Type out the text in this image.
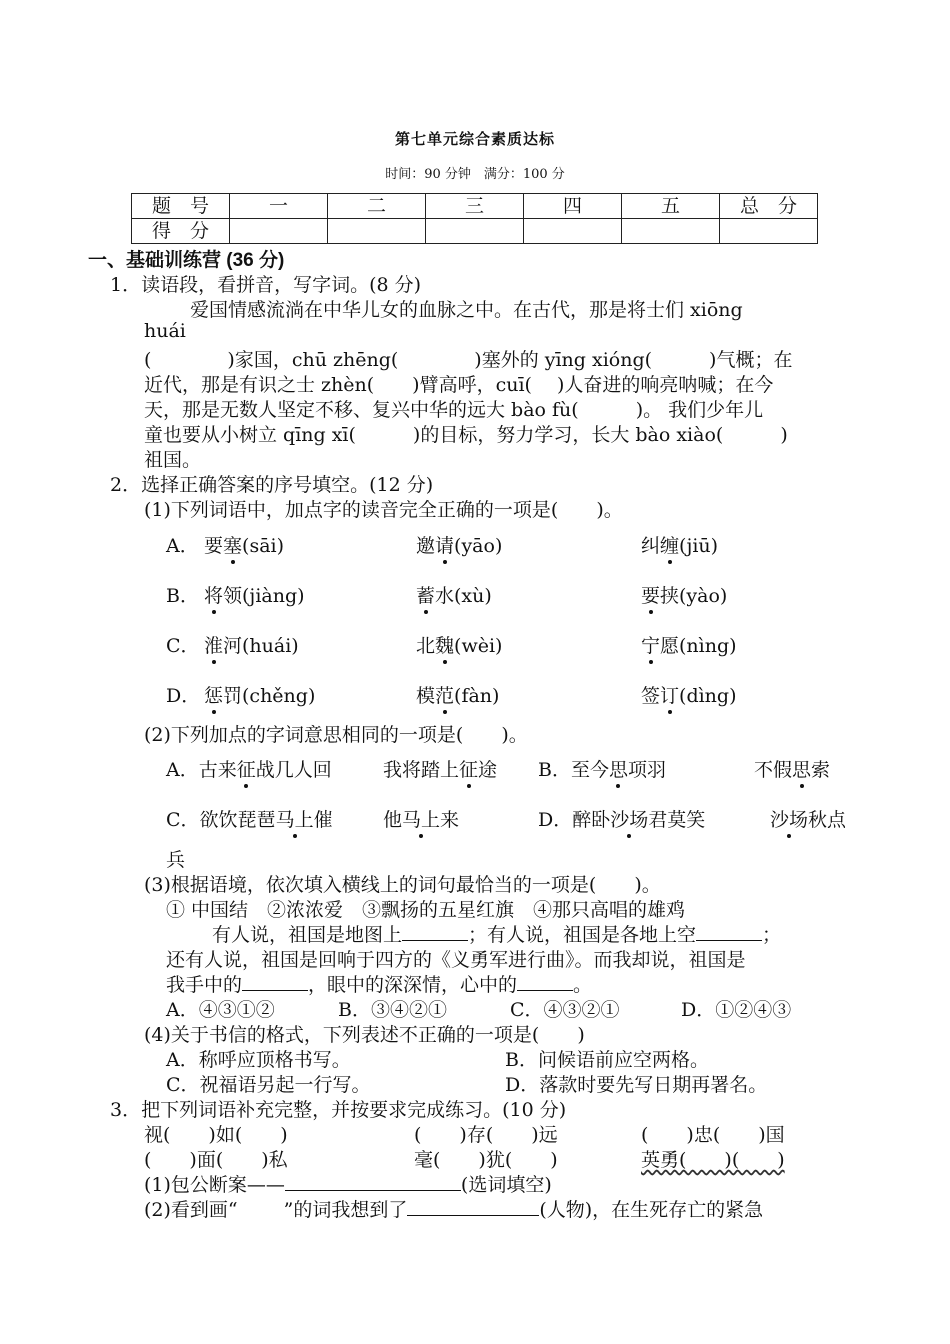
第七单元综合素质达标
时间：90 分钟　满分：100 分
题　号	一	二	三	四	五	总　分
得　分						
一、基础训练营 (36 分)
1．读语段，看拼音，写字词。(8 分)
爱国情感流淌在中华儿女的血脉之中。在古代，那是将士们 xiōng
huái
(　　　　)家国，chū zhēng(　　　　)塞外的 yīng xióng(　　　)气概；在
近代，那是有识之士 zhèn(　　)臂高呼，cuī(　 )人奋进的响亮呐喊；在今
天，那是无数人坚定不移、复兴中华的远大 bào fù(　　　)。 我们少年儿
童也要从小树立 qīng xī(　　　)的目标，努力学习，长大 bào xiào(　　　)
祖国。
2．选择正确答案的序号填空。(12 分)
(1)下列词语中，加点字的读音完全正确的一项是(　　)。
A． 要塞(sāi)	邀请(yāo)	纠缠(jiū)
B． 将领(jiàng)	蓄水(xù)	要挟(yào)
C． 淮河(huái)	北魏(wèi)	宁愿(nìng)
D． 惩罚(chěng)	模范(fàn)	签订(dìng)
(2)下列加点的字词意思相同的一项是(　　)。
A．古来征战几人回	我将踏上征途 B．至今思项羽	不假思索
C．欲饮琵琶马上催	他马上来	D．醉卧沙场君莫笑	沙场秋点
兵
(3)根据语境，依次填入横线上的词句最恰当的一项是(　　)。
① 中国结　②浓浓爱　③飘扬的五星红旗　④那只高唱的雄鸡
有人说，祖国是地图上	；有人说，祖国是各地上空	；
还有人说，祖国是回响于四方的《义勇军进行曲》。而我却说，祖国是
我手中的	，眼中的深深情，心中的	。
A．④③①②	B．③④②①	C．④③②①	D．①②④③
(4)关于书信的格式，下列表述不正确的一项是(　　)
A．称呼应顶格书写。	B．问候语前应空两格。
C．祝福语另起一行写。	D．落款时要先写日期再署名。
3．把下列词语补充完整，并按要求完成练习。(10 分)
视(　　)如(　　)	(　　)存(　　)远	(　　)忠(　　)国
(　　)面(　　)私	毫(　　)犹(　　)	英勇(　　)(　　)
(1)包公断案——	(选词填空)
(2)看到画“ ”的词我想到了	(人物)，在生死存亡的紧急
